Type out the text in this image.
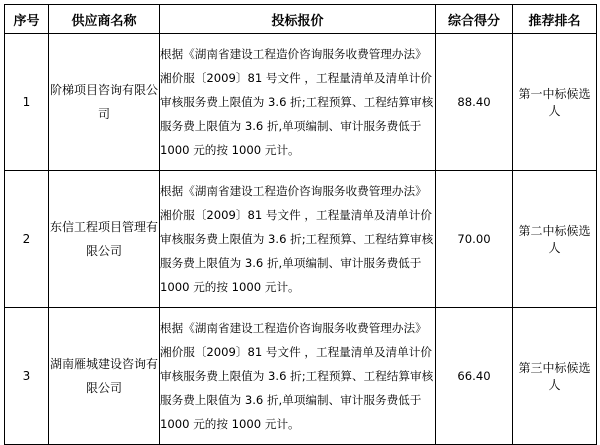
序号	供应商名称	投标报价	综合得分	推荐排名
1	阶梯项目咨询有限公司	根据《湖南省建设工程造价咨询服务收费管理办法》湘价服〔2009〕81 号文件 ，工程量清单及清单计价审核服务费上限值为 3.6 折;工程预算、工程结算审核服务费上限值为 3.6 折,单项编制、审计服务费低于 1000 元的按 1000 元计。	88.40	第一中标候选人
2	东信工程项目管理有限公司	根据《湖南省建设工程造价咨询服务收费管理办法》湘价服〔2009〕81 号文件 ，工程量清单及清单计价审核服务费上限值为 3.6 折;工程预算、工程结算审核服务费上限值为 3.6 折,单项编制、审计服务费低于 1000 元的按 1000 元计。	70.00	第二中标候选人
3	湖南雁城建设咨询有限公司	根据《湖南省建设工程造价咨询服务收费管理办法》湘价服〔2009〕81 号文件 ，工程量清单及清单计价审核服务费上限值为 3.6 折;工程预算、工程结算审核服务费上限值为 3.6 折,单项编制、审计服务费低于 1000 元的按 1000 元计。	66.40	第三中标候选人
